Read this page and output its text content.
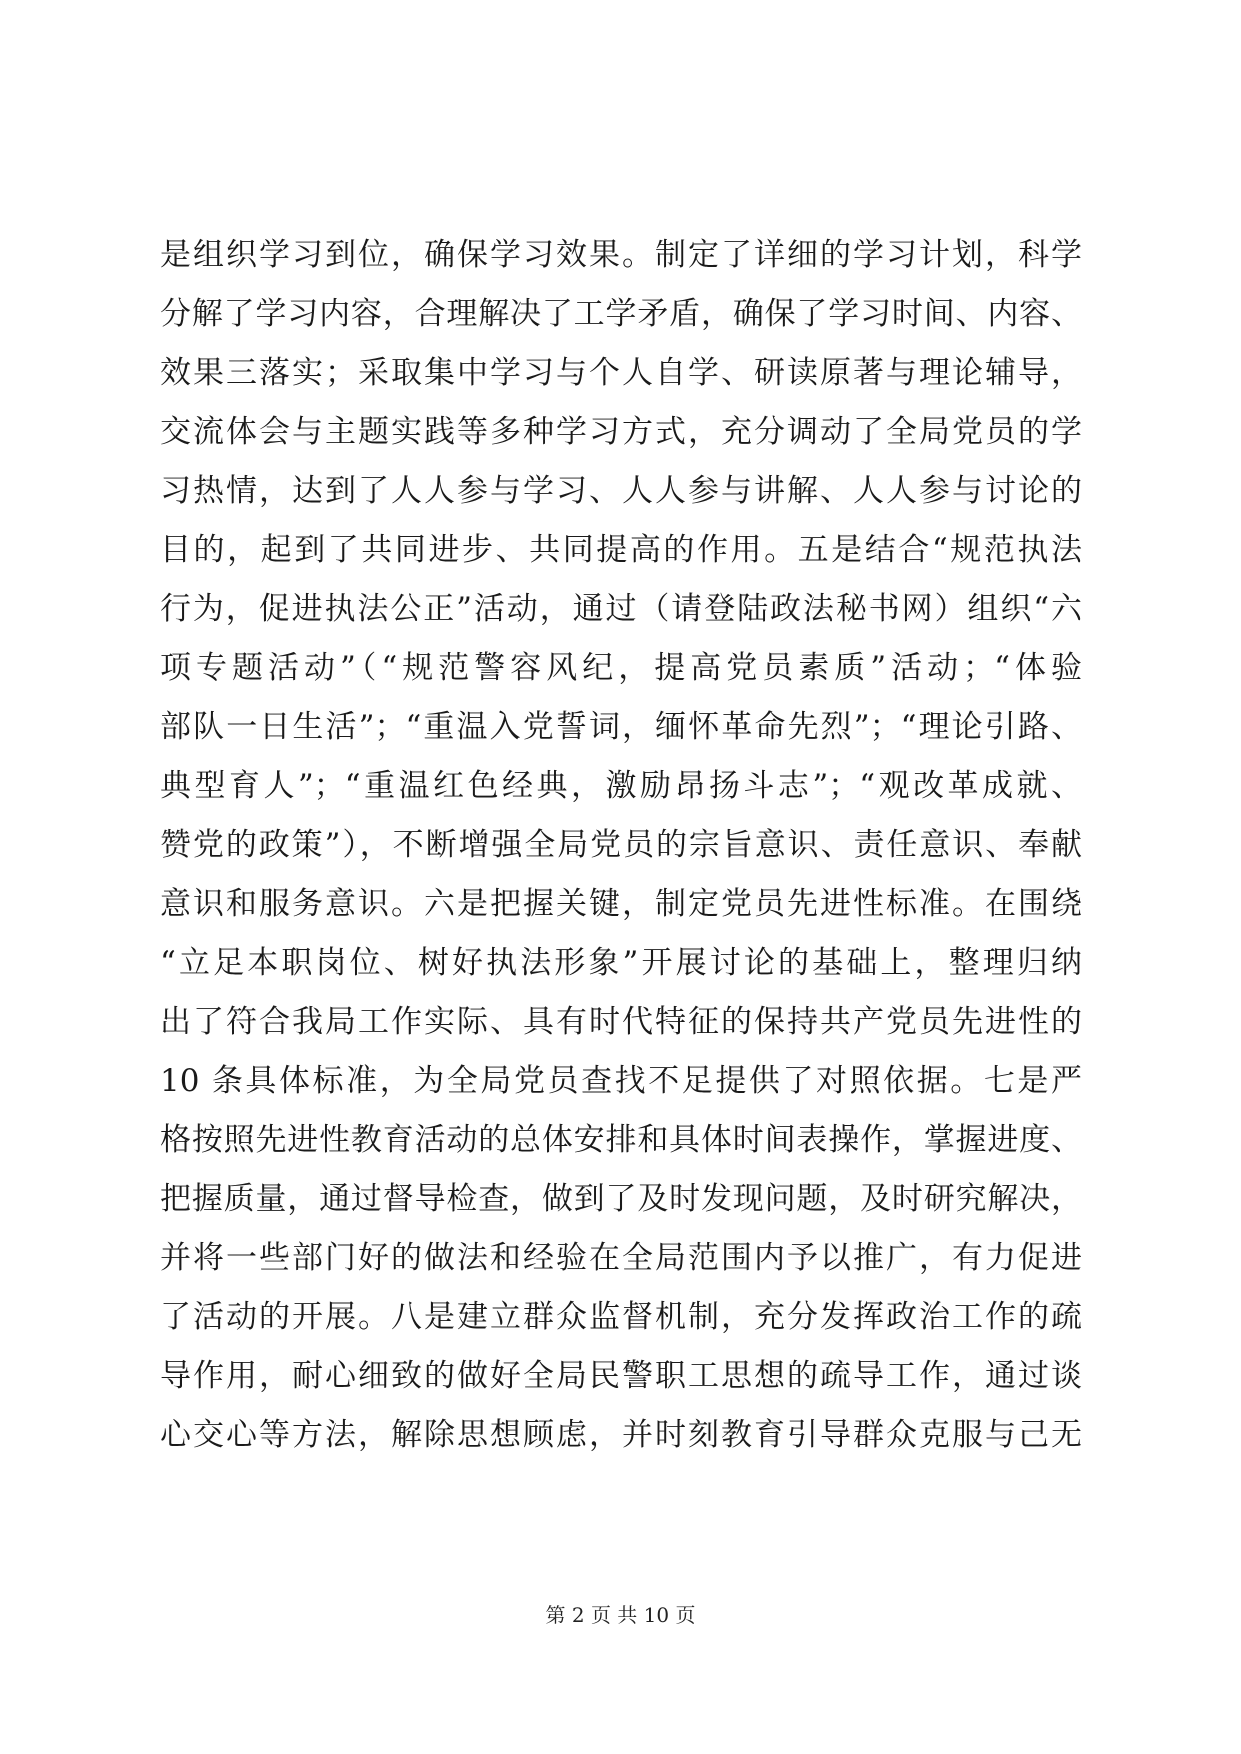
是组织学习到位，确保学习效果。制定了详细的学习计划，科学
分解了学习内容，合理解决了工学矛盾，确保了学习时间、内容、
效果三落实；采取集中学习与个人自学、研读原著与理论辅导，
交流体会与主题实践等多种学习方式，充分调动了全局党员的学
习热情，达到了人人参与学习、人人参与讲解、人人参与讨论的
目的，起到了共同进步、共同提高的作用。五是结合“规范执法
行为，促进执法公正”活动，通过（请登陆政法秘书网）组织“六
项专题活动”（“规范警容风纪，提高党员素质”活动；“体验
部队一日生活”；“重温入党誓词，缅怀革命先烈”；“理论引路、
典型育人”；“重温红色经典，激励昂扬斗志”；“观改革成就、
赞党的政策”），不断增强全局党员的宗旨意识、责任意识、奉献
意识和服务意识。六是把握关键，制定党员先进性标准。在围绕
“立足本职岗位、树好执法形象”开展讨论的基础上，整理归纳
出了符合我局工作实际、具有时代特征的保持共产党员先进性的
10 条具体标准，为全局党员查找不足提供了对照依据。七是严
格按照先进性教育活动的总体安排和具体时间表操作，掌握进度、
把握质量，通过督导检查，做到了及时发现问题，及时研究解决，
并将一些部门好的做法和经验在全局范围内予以推广，有力促进
了活动的开展。八是建立群众监督机制，充分发挥政治工作的疏
导作用，耐心细致的做好全局民警职工思想的疏导工作，通过谈
心交心等方法，解除思想顾虑，并时刻教育引导群众克服与己无
第 2 页 共 10 页
